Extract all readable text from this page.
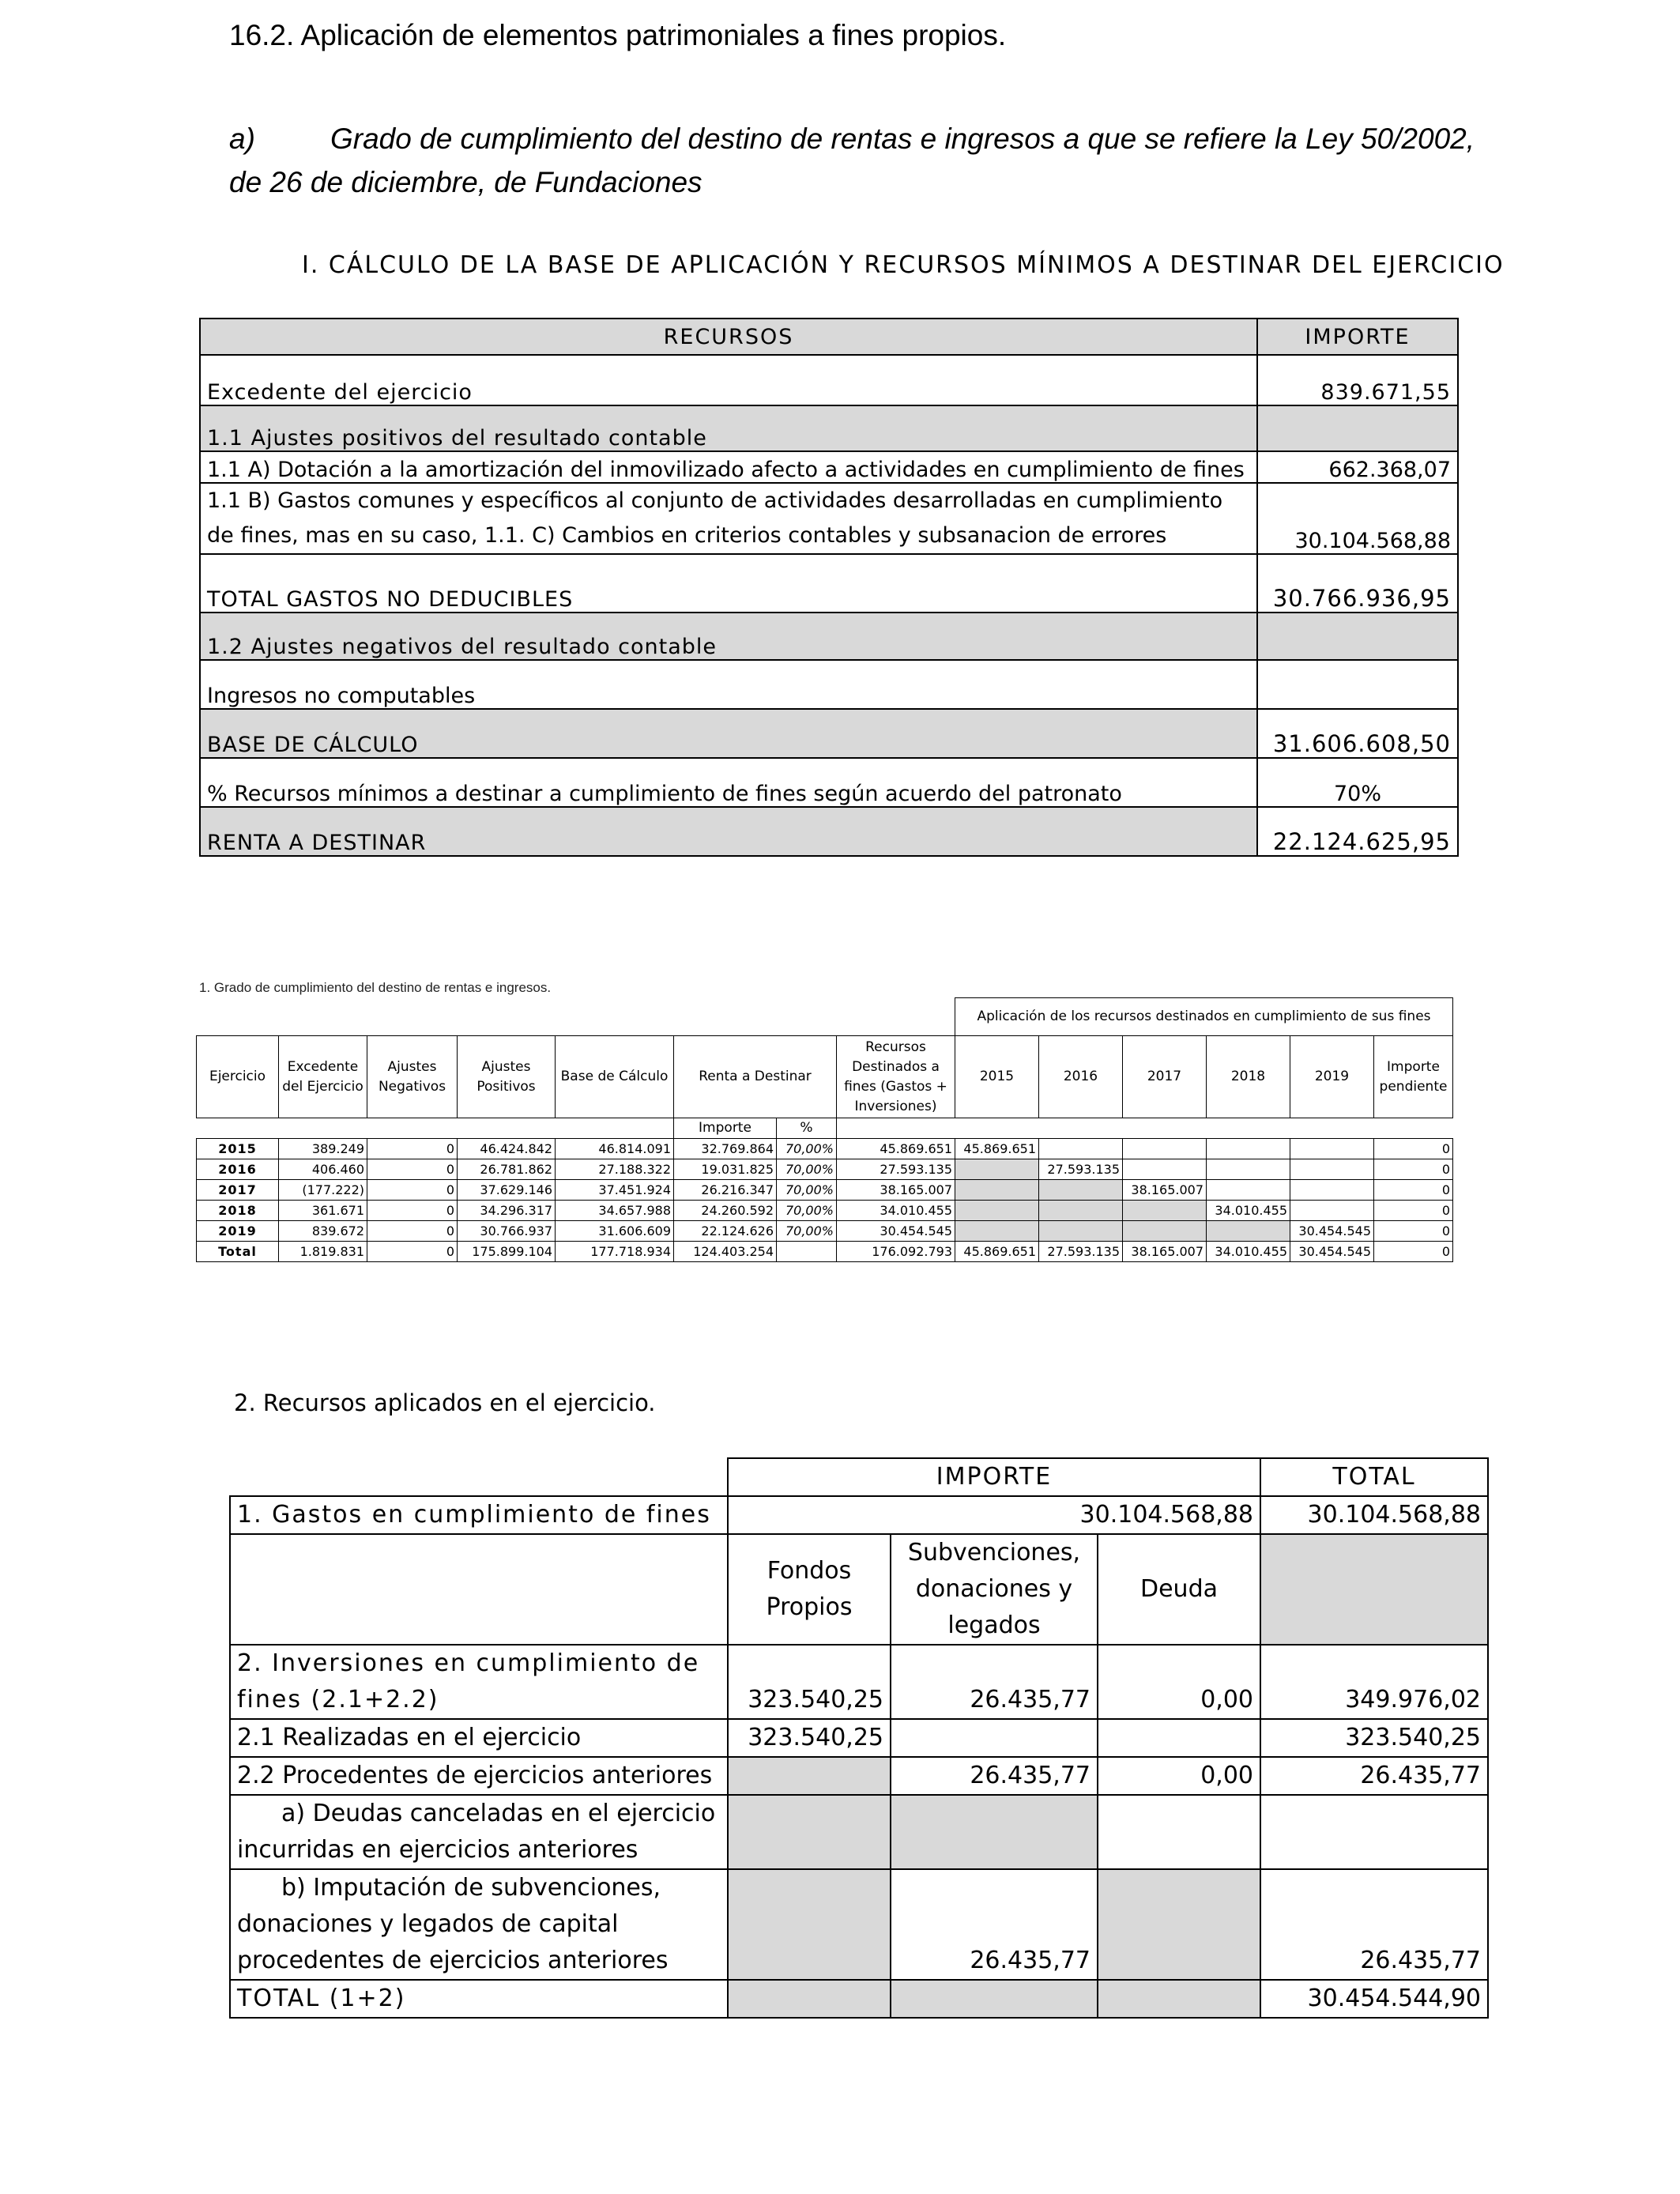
16.2. Aplicación de elementos patrimoniales a fines propios.
a)	Grado de cumplimiento del destino de rentas e ingresos a que se refiere la Ley 50/2002, de 26 de diciembre, de Fundaciones
I. CÁLCULO DE LA BASE DE APLICACIÓN Y RECURSOS MÍNIMOS A DESTINAR DEL EJERCICIO
RECURSOS	IMPORTE
Excedente del ejercicio	839.671,55
1.1 Ajustes positivos del resultado contable	
1.1 A) Dotación a la amortización del inmovilizado afecto a actividades en cumplimiento de fines	662.368,07
1.1 B) Gastos comunes y específicos al conjunto de actividades desarrolladas en cumplimiento de fines, mas en su caso, 1.1. C) Cambios en criterios contables y subsanacion de errores	30.104.568,88
TOTAL GASTOS NO DEDUCIBLES	30.766.936,95
1.2 Ajustes negativos del resultado contable	
Ingresos no computables	
BASE DE CÁLCULO	31.606.608,50
% Recursos mínimos a destinar a cumplimiento de fines según acuerdo del patronato	70%
RENTA A DESTINAR	22.124.625,95
1. Grado de cumplimiento del destino de rentas e ingresos.
								Aplicación de los recursos destinados en cumplimiento de sus fines					
Ejercicio	Excedente del Ejercicio	Ajustes Negativos	Ajustes Positivos	Base de Cálculo	Renta a Destinar		Recursos Destinados a fines (Gastos + Inversiones)	2015	2016	2017	2018	2019	Importe pendiente
					Importe	%							
2015	389.249	0	46.424.842	46.814.091	32.769.864	70,00%	45.869.651	45.869.651					0
2016	406.460	0	26.781.862	27.188.322	19.031.825	70,00%	27.593.135		27.593.135				0
2017	(177.222)	0	37.629.146	37.451.924	26.216.347	70,00%	38.165.007			38.165.007			0
2018	361.671	0	34.296.317	34.657.988	24.260.592	70,00%	34.010.455				34.010.455		0
2019	839.672	0	30.766.937	31.606.609	22.124.626	70,00%	30.454.545					30.454.545	0
Total	1.819.831	0	175.899.104	177.718.934	124.403.254		176.092.793	45.869.651	27.593.135	38.165.007	34.010.455	30.454.545	0
2. Recursos aplicados en el ejercicio.
	IMPORTE			TOTAL
1. Gastos en cumplimiento de fines	30.104.568,88			30.104.568,88
	Fondos Propios	Subvenciones, donaciones y legados	Deuda	
2. Inversiones en cumplimiento de fines (2.1+2.2)	323.540,25	26.435,77	0,00	349.976,02
2.1 Realizadas en el ejercicio	323.540,25			323.540,25
2.2 Procedentes de ejercicios anteriores		26.435,77	0,00	26.435,77
a) Deudas canceladas en el ejercicio
incurridas en ejercicios anteriores				
b) Imputación de subvenciones,
donaciones y legados de capital procedentes de ejercicios anteriores		26.435,77		26.435,77
TOTAL (1+2)				30.454.544,90
